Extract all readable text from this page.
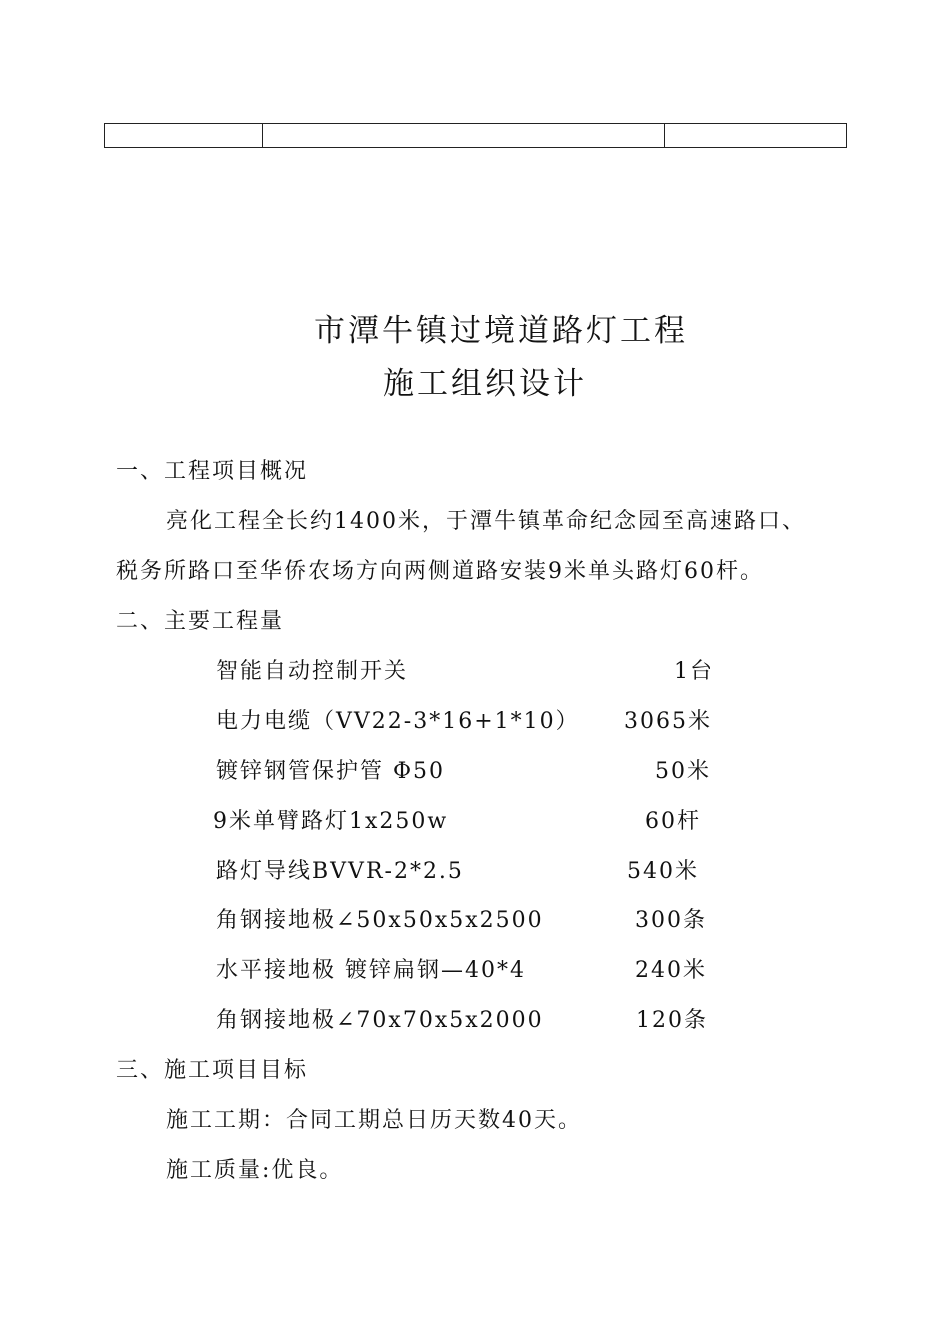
市潭牛镇过境道路灯工程
施工组织设计
一、工程项目概况
亮化工程全长约1400米，于潭牛镇革命纪念园至高速路口、
税务所路口至华侨农场方向两侧道路安装9米单头路灯60杆。
二、主要工程量
智能自动控制开关	1台
电力电缆（VV22-3*16+1*10） 3065米
镀锌钢管保护管 Φ50	50米
9米单臂路灯1x250w	60杆
路灯导线BVVR-2*2.5	540米
角钢接地极∠50x50x5x2500	300条
水平接地极 镀锌扁钢—40*4	240米
角钢接地极∠70x70x5x2000	120条
三、施工项目目标
施工工期：合同工期总日历天数40天。
施工质量:优良。
